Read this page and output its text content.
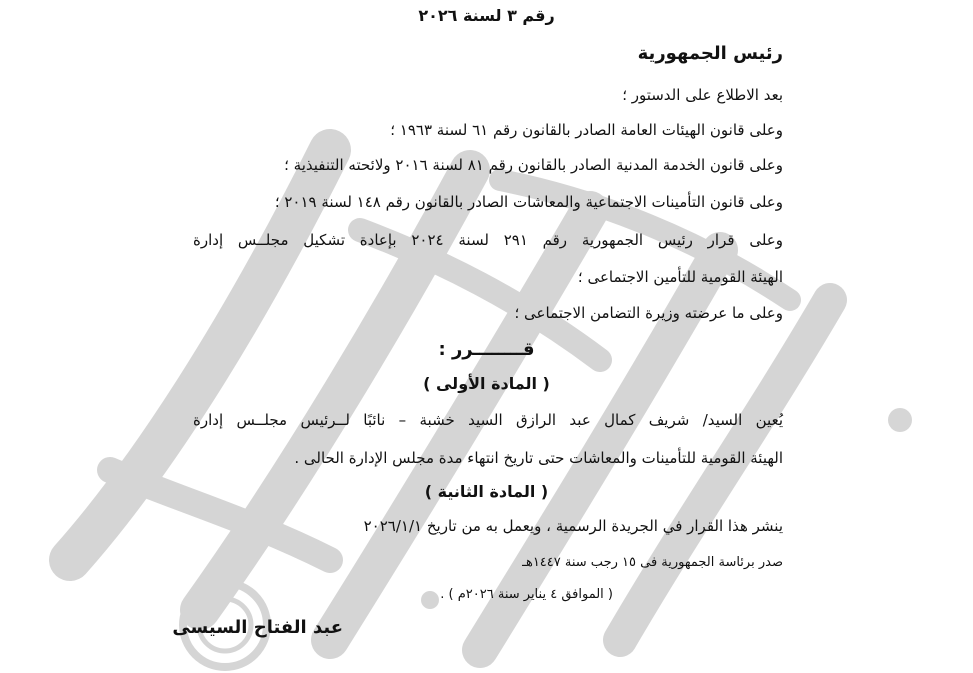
رقم ٣ لسنة ٢٠٢٦
رئيس الجمهورية
بعد الاطلاع على الدستور ؛
وعلى قانون الهيئات العامة الصادر بالقانون رقم ٦١ لسنة ١٩٦٣ ؛
وعلى قانون الخدمة المدنية الصادر بالقانون رقم ٨١ لسنة ٢٠١٦ ولائحته التنفيذية ؛
وعلى قانون التأمينات الاجتماعية والمعاشات الصادر بالقانون رقم ١٤٨ لسنة ٢٠١٩ ؛
وعلى قرار رئيس الجمهورية رقم ٢٩١ لسنة ٢٠٢٤ بإعادة تشكيل مجلــس إدارة
الهيئة القومية للتأمين الاجتماعى ؛
وعلى ما عرضته وزيرة التضامن الاجتماعى ؛
قــــــــرر :
( المادة الأولى )
يُعين السيد/ شريف كمال عبد الرازق السيد خشبة – نائبًا لــرئيس مجلــس إدارة
الهيئة القومية للتأمينات والمعاشات حتى تاريخ انتهاء مدة مجلس الإدارة الحالى .
( المادة الثانية )
ينشر هذا القرار في الجريدة الرسمية ، ويعمل به من تاريخ ٢٠٢٦/١/١
صدر برئاسة الجمهورية فى ١٥ رجب سنة ١٤٤٧هـ
( الموافق ٤ يناير سنة ٢٠٢٦م ) .
عبد الفتاح السيسى
